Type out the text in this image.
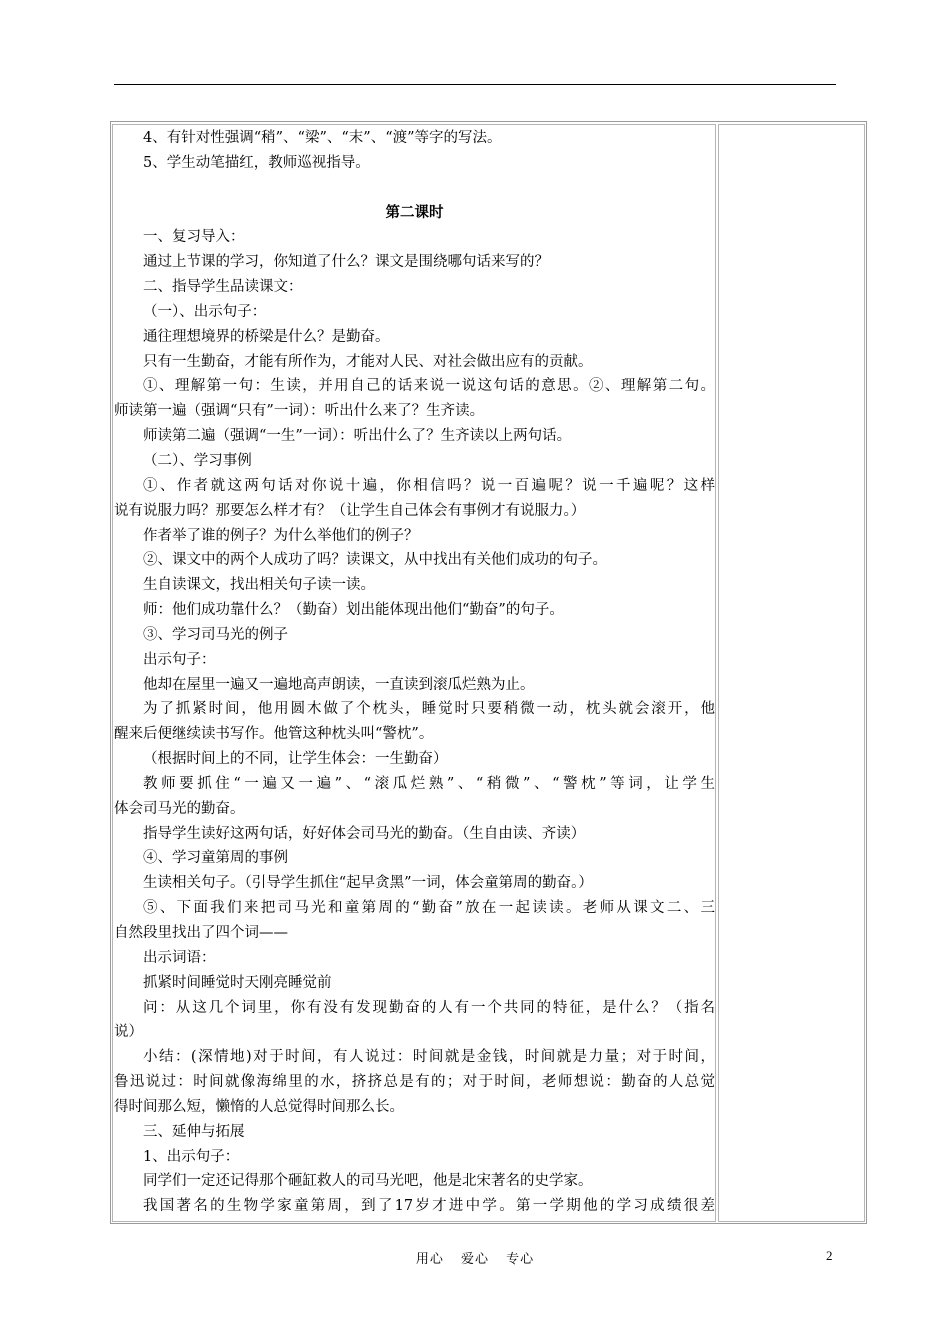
4、有针对性强调“稍”、“梁”、“末”、“渡”等字的写法。
5、学生动笔描红，教师巡视指导。
第二课时
一、复习导入：
通过上节课的学习，你知道了什么？课文是围绕哪句话来写的？
二、指导学生品读课文：
（一）、出示句子：
通往理想境界的桥梁是什么？是勤奋。
只有一生勤奋，才能有所作为，才能对人民、对社会做出应有的贡献。
①、理解第一句：生读，并用自己的话来说一说这句话的意思。②、理解第二句。
师读第一遍（强调“只有”一词）：听出什么来了？生齐读。
师读第二遍（强调“一生”一词）：听出什么了？生齐读以上两句话。
（二）、学习事例
①、作者就这两句话对你说十遍，你相信吗？说一百遍呢？说一千遍呢？这样
说有说服力吗？那要怎么样才有？（让学生自己体会有事例才有说服力。）
作者举了谁的例子？为什么举他们的例子？
②、课文中的两个人成功了吗？读课文，从中找出有关他们成功的句子。
生自读课文，找出相关句子读一读。
师：他们成功靠什么？（勤奋）划出能体现出他们“勤奋”的句子。
③、学习司马光的例子
出示句子：
他却在屋里一遍又一遍地高声朗读，一直读到滚瓜烂熟为止。
为了抓紧时间，他用圆木做了个枕头，睡觉时只要稍微一动，枕头就会滚开，他
醒来后便继续读书写作。他管这种枕头叫“警枕”。
（根据时间上的不同，让学生体会：一生勤奋）
教师要抓住“一遍又一遍”、“滚瓜烂熟”、“稍微”、“警枕”等词，让学生
体会司马光的勤奋。
指导学生读好这两句话，好好体会司马光的勤奋。（生自由读、齐读）
④、学习童第周的事例
生读相关句子。（引导学生抓住“起早贪黑”一词，体会童第周的勤奋。）
⑤、下面我们来把司马光和童第周的“勤奋”放在一起读读。老师从课文二、三
自然段里找出了四个词——
出示词语：
抓紧时间睡觉时天刚亮睡觉前
问：从这几个词里，你有没有发现勤奋的人有一个共同的特征，是什么？（指名
说）
小结：(深情地)对于时间，有人说过：时间就是金钱，时间就是力量；对于时间，
鲁迅说过：时间就像海绵里的水，挤挤总是有的；对于时间，老师想说：勤奋的人总觉
得时间那么短，懒惰的人总觉得时间那么长。
三、延伸与拓展
1、出示句子：
同学们一定还记得那个砸缸救人的司马光吧，他是北宋著名的史学家。
我国著名的生物学家童第周，到了17岁才进中学。第一学期他的学习成绩很差
用心 爱心 专心	2
